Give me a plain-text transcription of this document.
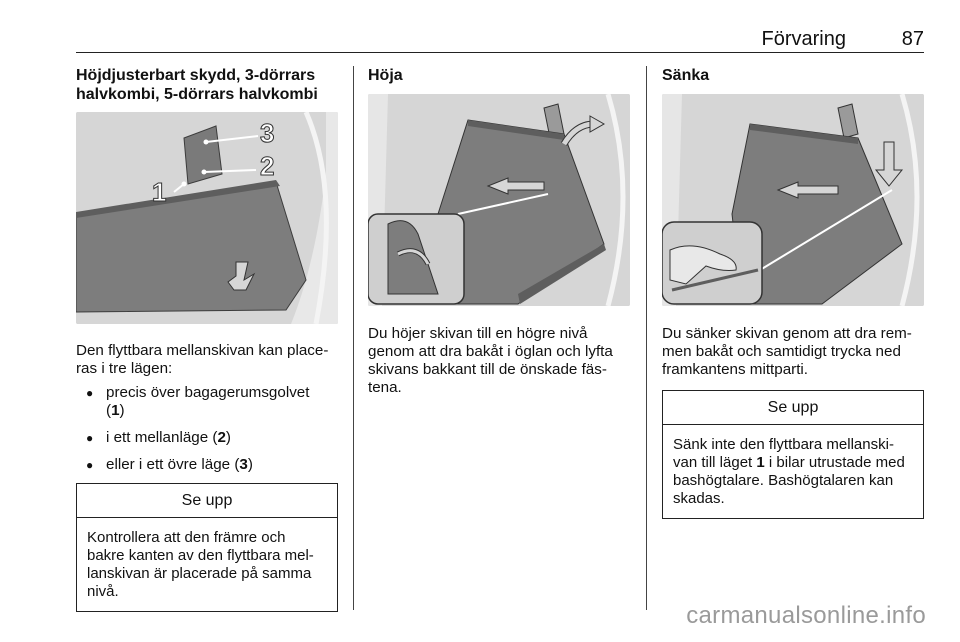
Förvaring	87
Höjdjusterbart skydd, 3-dörrars
halvkombi, 5-dörrars halvkombi
1
2
3

Den flyttbara mellanskivan kan place-
ras i tre lägen:

● precis över bagagerumsgolvet
(1)
● i ett mellanläge (2)
● eller i ett övre läge (3)
Se upp
Kontrollera att den främre och
bakre kanten av den flyttbara mel-
lanskivan är placerade på samma
nivå.
Höja

Du höjer skivan till en högre nivå
genom att dra bakåt i öglan och lyfta
skivans bakkant till de önskade fäs-
tena.

Sänka

Du sänker skivan genom att dra rem-
men bakåt och samtidigt trycka ned
framkantens mittparti.

Se upp
Sänk inte den flyttbara mellanski-
van till läget 1 i bilar utrustade med
bashögtalare. Bashögtalaren kan
skadas.
carmanualsonline.info
